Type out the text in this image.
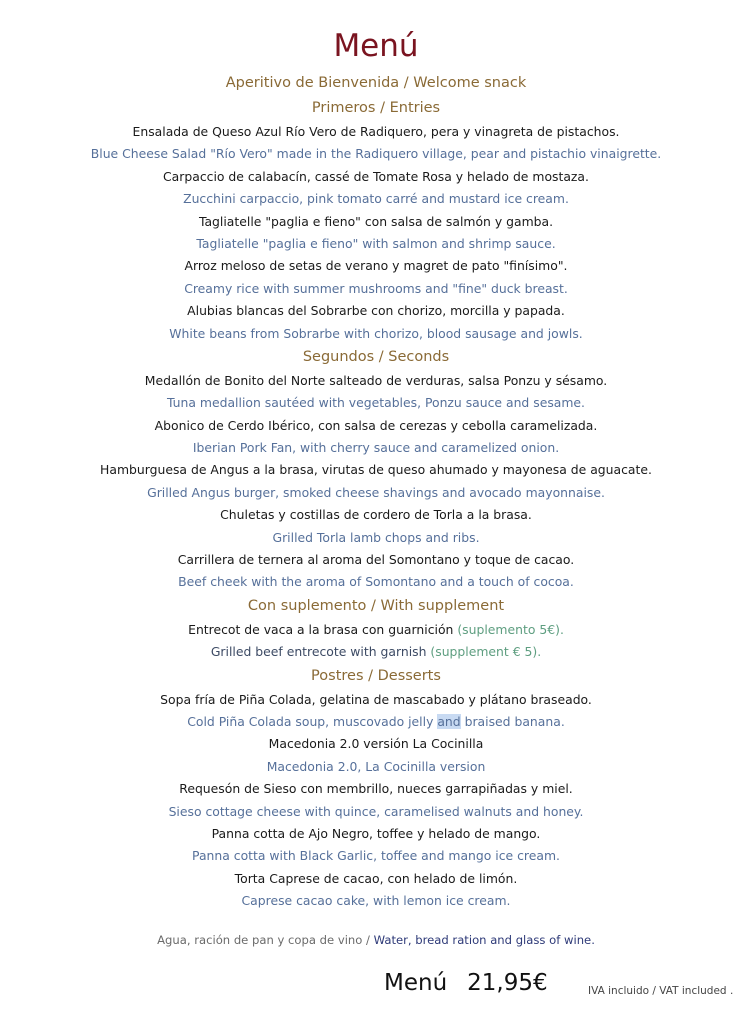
Menú
Aperitivo de Bienvenida / Welcome snack
Primeros / Entries
Ensalada de Queso Azul Río Vero de Radiquero, pera y vinagreta de pistachos.
Blue Cheese Salad "Río Vero" made in the Radiquero village, pear and pistachio vinaigrette.
Carpaccio de calabacín, cassé de Tomate Rosa y helado de mostaza.
Zucchini carpaccio, pink tomato carré and mustard ice cream.
Tagliatelle "paglia e fieno" con salsa de salmón y gamba.
Tagliatelle "paglia e fieno" with salmon and shrimp sauce.
Arroz meloso de setas de verano y magret de pato "finísimo".
Creamy rice with summer mushrooms and "fine" duck breast.
Alubias blancas del Sobrarbe con chorizo, morcilla y papada.
White beans from Sobrarbe with chorizo, blood sausage and jowls.
Segundos / Seconds
Medallón de Bonito del Norte salteado de verduras, salsa Ponzu y sésamo.
Tuna medallion sautéed with vegetables, Ponzu sauce and sesame.
Abonico de Cerdo Ibérico, con salsa de cerezas y cebolla caramelizada.
Iberian Pork Fan, with cherry sauce and caramelized onion.
Hamburguesa de Angus a la brasa, virutas de queso ahumado y mayonesa de aguacate.
Grilled Angus burger, smoked cheese shavings and avocado mayonnaise.
Chuletas y costillas de cordero de Torla a la brasa.
Grilled Torla lamb chops and ribs.
Carrillera de ternera al aroma del Somontano y toque de cacao.
Beef cheek with the aroma of Somontano and a touch of cocoa.
Con suplemento / With supplement
Entrecot de vaca a la brasa con guarnición (suplemento 5€).
Grilled beef entrecote with garnish (supplement € 5).
Postres / Desserts
Sopa fría de Piña Colada, gelatina de mascabado y plátano braseado.
Cold Piña Colada soup, muscovado jelly and braised banana.
Macedonia 2.0 versión La Cocinilla
Macedonia 2.0, La Cocinilla version
Requesón de Sieso con membrillo, nueces garrapiñadas y miel.
Sieso cottage cheese with quince, caramelised walnuts and honey.
Panna cotta de Ajo Negro, toffee y helado de mango.
Panna cotta with Black Garlic, toffee and mango ice cream.
Torta Caprese de cacao, con helado de limón.
Caprese cacao cake, with lemon ice cream.
Agua, ración de pan y copa de vino / Water, bread ration and glass of wine.
Menú 21,95€	IVA incluido / VAT included .
